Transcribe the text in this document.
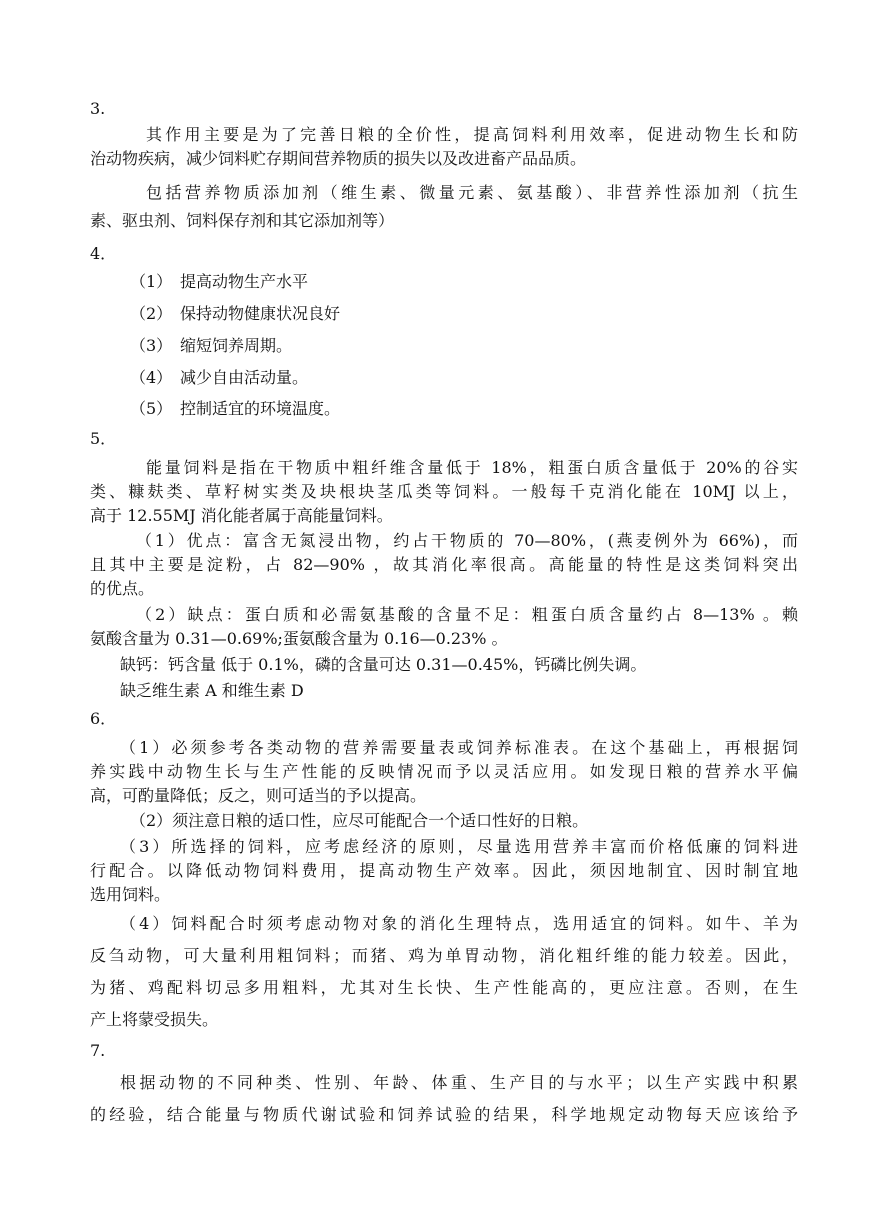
3.
其作用主要是为了完善日粮的全价性，提高饲料利用效率，促进动物生长和防
治动物疾病，减少饲料贮存期间营养物质的损失以及改进畜产品品质。
包括营养物质添加剂（维生素、微量元素、氨基酸）、非营养性添加剂（抗生
素、驱虫剂、饲料保存剂和其它添加剂等）
4．
（1） 提高动物生产水平
（2） 保持动物健康状况良好
（3） 缩短饲养周期。
（4） 减少自由活动量。
（5） 控制适宜的环境温度。
5．
能量饲料是指在干物质中粗纤维含量低于 18%，粗蛋白质含量低于 20%的谷实
类、糠麸类、草籽树实类及块根块茎瓜类等饲料。一般每千克消化能在 10MJ 以上，
高于 12.55MJ 消化能者属于高能量饲料。
（1）优点：富含无氮浸出物，约占干物质的 70—80%，(燕麦例外为 66%)，而
且其中主要是淀粉，占 82—90% ，故其消化率很高。高能量的特性是这类饲料突出
的优点。
（2）缺点：蛋白质和必需氨基酸的含量不足：粗蛋白质含量约占 8—13% 。赖
氨酸含量为 0.31—0.69%;蛋氨酸含量为 0.16—0.23% 。
缺钙：钙含量 低于 0.1%，磷的含量可达 0.31—0.45%，钙磷比例失调。
缺乏维生素 A 和维生素 D
6．
（1）必须参考各类动物的营养需要量表或饲养标准表。在这个基础上，再根据饲
养实践中动物生长与生产性能的反映情况而予以灵活应用。如发现日粮的营养水平偏
高，可酌量降低；反之，则可适当的予以提高。
（2）须注意日粮的适口性，应尽可能配合一个适口性好的日粮。
（3）所选择的饲料，应考虑经济的原则，尽量选用营养丰富而价格低廉的饲料进
行配合。以降低动物饲料费用，提高动物生产效率。因此，须因地制宜、因时制宜地
选用饲料。
（4）饲料配合时须考虑动物对象的消化生理特点，选用适宜的饲料。如牛、羊为
反刍动物，可大量利用粗饲料；而猪、鸡为单胃动物，消化粗纤维的能力较差。因此，
为猪、鸡配料切忌多用粗料，尤其对生长快、生产性能高的，更应注意。否则，在生
产上将蒙受损失。
7.
根据动物的不同种类、性别、年龄、体重、生产目的与水平；以生产实践中积累
的经验，结合能量与物质代谢试验和饲养试验的结果，科学地规定动物每天应该给予
